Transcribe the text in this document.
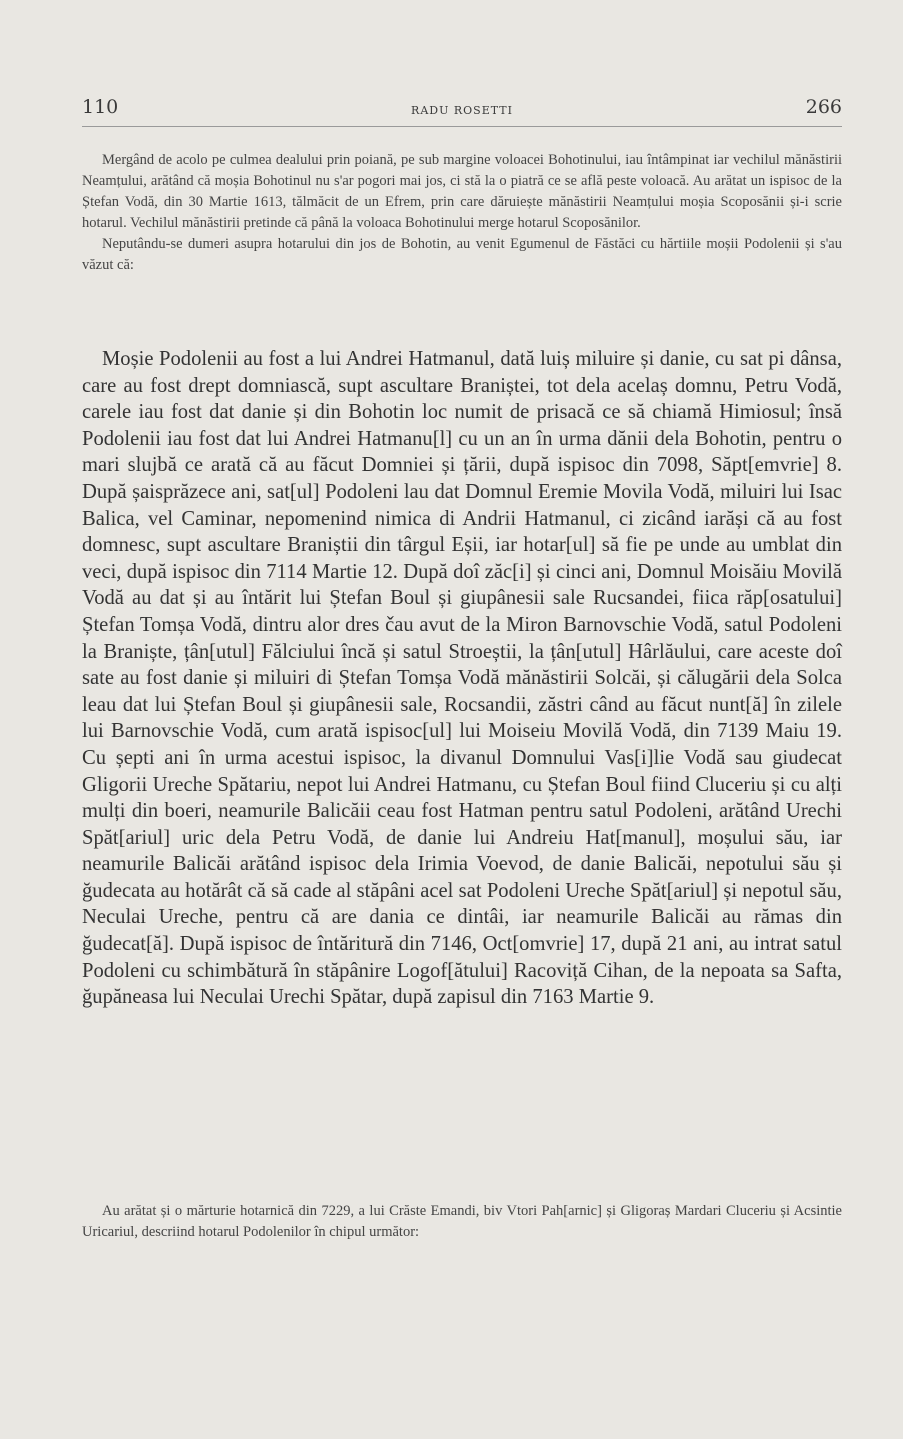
110	RADU ROSETTI	266

Mergând de acolo pe culmea dealului prin poiană, pe sub margine voloacei Bohotinului, iau întâmpinat iar vechilul mănăstirii Neamțului, arătând că moșia Bohotinul nu s'ar pogori mai jos, ci stă la o piatră ce se află peste voloacă. Au arătat un ispisoc de la Ștefan Vodă, din 30 Martie 1613, tălmăcit de un Efrem, prin care dăruiește mănăstirii Neamțului moșia Scoposănii și-i scrie hotarul. Vechilul mănăstirii pretinde că până la voloaca Bohotinului merge hotarul Scoposănilor.

Neputându-se dumeri asupra hotarului din jos de Bohotin, au venit Egumenul de Făstăci cu hărtiile moșii Podolenii și s'au văzut că:

Moșie Podolenii au fost a lui Andrei Hatmanul, dată luiș miluire și danie, cu sat pi dânsa, care au fost drept domniască, supt ascultare Braniștei, tot dela acelaș domnu, Petru Vodă, carele iau fost dat danie și din Bohotin loc numit de prisacă ce să chiamă Himiosul; însă Podolenii iau fost dat lui Andrei Hatmanu[l] cu un an în urma dănii dela Bohotin, pentru o mari slujbă ce arată că au făcut Domniei și țării, după ispisoc din 7098, Săpt[emvrie] 8. După șaisprăzece ani, sat[ul] Podoleni lau dat Domnul Eremie Movila Vodă, miluiri lui Isac Balica, vel Caminar, nepomenind nimica di Andrii Hatmanul, ci zicând iarăși că au fost domnesc, supt ascultare Braniștii din târgul Eșii, iar hotar[ul] să fie pe unde au umblat din veci, după ispisoc din 7114 Martie 12. După doî zăc[i] și cinci ani, Domnul Moisăiu Movilă Vodă au dat și au întărit lui Ștefan Boul și giupânesii sale Rucsandei, fiica răp[osatului] Ștefan Tomșa Vodă, dintru alor dres čau avut de la Miron Barnovschie Vodă, satul Podoleni la Braniște, țân[utul] Fălciului încă și satul Stroeștii, la țân[utul] Hârlăului, care aceste doî sate au fost danie și miluiri di Ștefan Tomșa Vodă mănăstirii Solcăi, și călugării dela Solca leau dat lui Ștefan Boul și giupânesii sale, Rocsandii, zăstri când au făcut nunt[ă] în zilele lui Barnovschie Vodă, cum arată ispisoc[ul] lui Moiseiu Movilă Vodă, din 7139 Maiu 19. Cu șepti ani în urma acestui ispisoc, la divanul Domnului Vas[i]lie Vodă sau giudecat Gligorii Ureche Spătariu, nepot lui Andrei Hatmanu, cu Ștefan Boul fiind Cluceriu și cu alți mulți din boeri, neamurile Balicăii ceau fost Hatman pentru satul Podoleni, arătând Urechi Spăt[ariul] uric dela Petru Vodă, de danie lui Andreiu Hat[manul], moșului său, iar neamurile Balicăi arătând ispisoc dela Irimia Voevod, de danie Balicăi, nepotului său și ğudecata au hotărât că să cade al stăpâni acel sat Podoleni Ureche Spăt[ariul] și nepotul său, Neculai Ureche, pentru că are dania ce dintâi, iar neamurile Balicăi au rămas din ğudecat[ă]. După ispisoc de întăritură din 7146, Oct[omvrie] 17, după 21 ani, au intrat satul Podoleni cu schimbătură în stăpânire Logof[ătului] Racoviță Cihan, de la nepoata sa Safta, ğupăneasa lui Neculai Urechi Spătar, după zapisul din 7163 Martie 9.

Au arătat și o mărturie hotarnică din 7229, a lui Crăste Emandi, biv Vtori Pah[arnic] și Gligoraș Mardari Cluceriu și Acsintie Uricariul, descriind hotarul Podolenilor în chipul următor:
